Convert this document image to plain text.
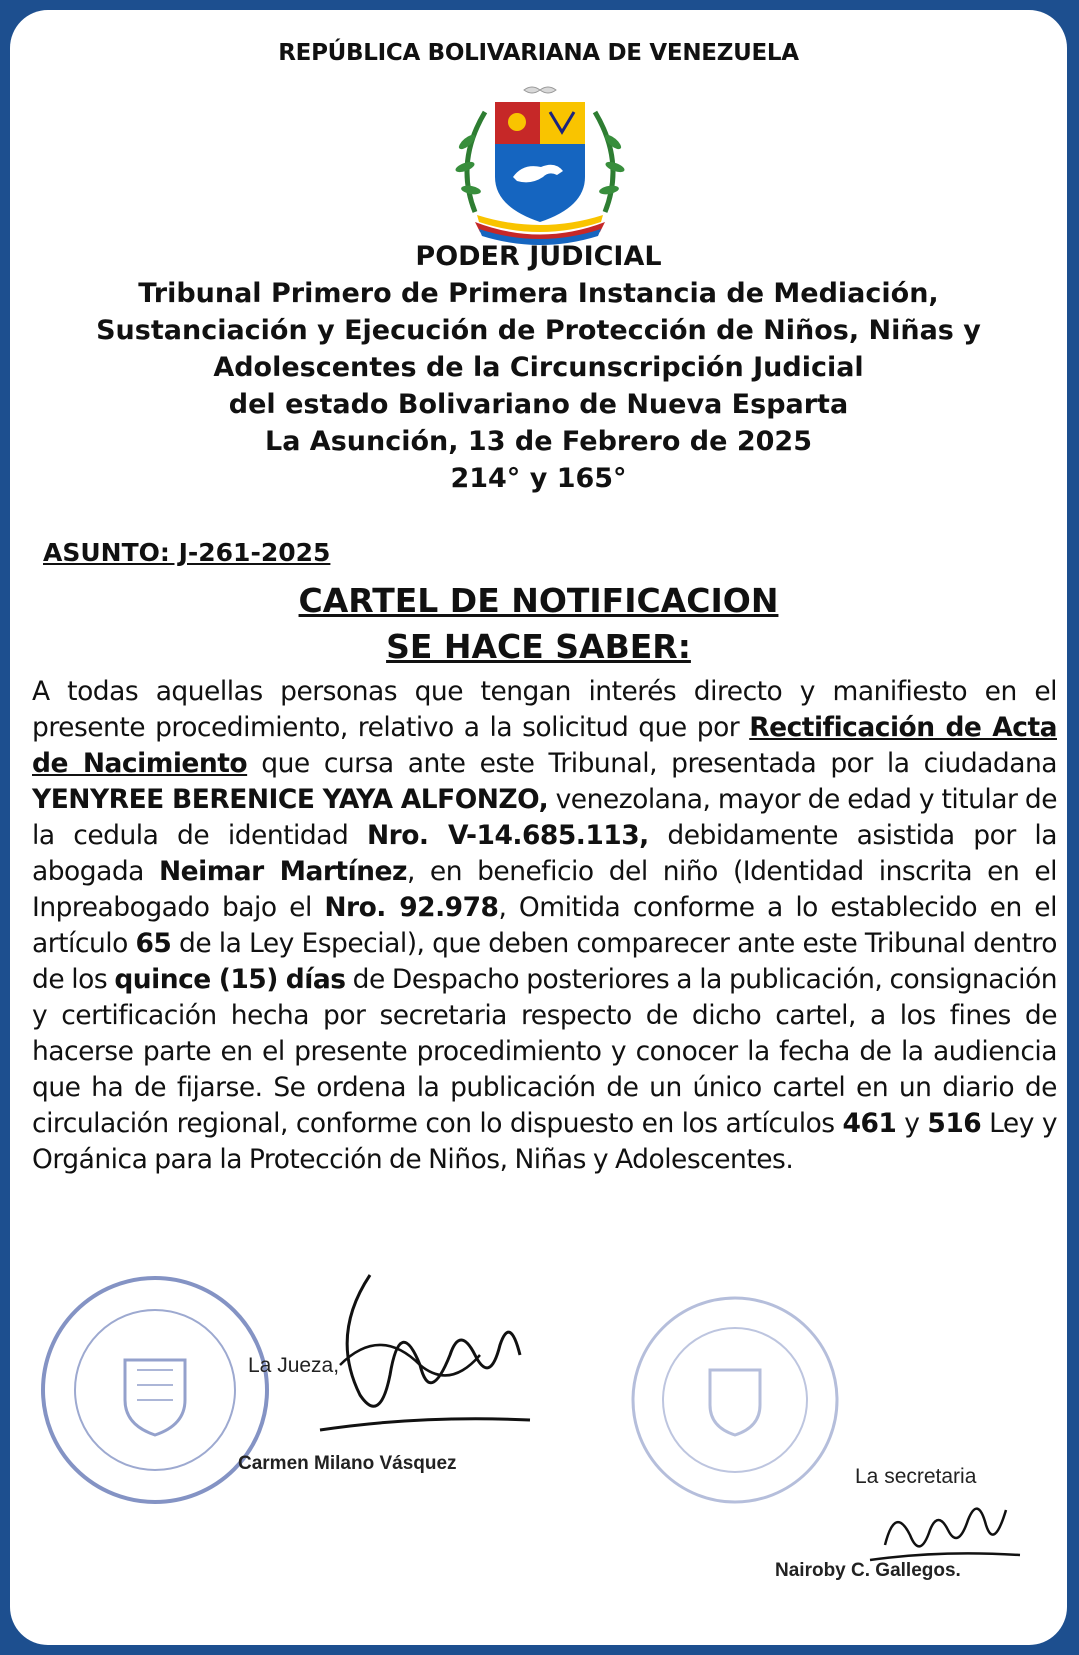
REPÚBLICA BOLIVARIANA DE VENEZUELA
PODER JUDICIAL
Tribunal Primero de Primera Instancia de Mediación,
Sustanciación y Ejecución de Protección de Niños, Niñas y
Adolescentes de la Circunscripción Judicial
del estado Bolivariano de Nueva Esparta
La Asunción, 13 de Febrero de 2025
214° y 165°
ASUNTO: J-261-2025
CARTEL DE NOTIFICACION
SE HACE SABER:
A todas aquellas personas que tengan interés directo y manifiesto en el presente procedimiento, relativo a la solicitud que por Rectificación de Acta de Nacimiento que cursa ante este Tribunal, presentada por la ciudadana YENYREE BERENICE YAYA ALFONZO, venezolana, mayor de edad y titular de la cedula de identidad Nro. V-14.685.113, debidamente asistida por la abogada Neimar Martínez, en beneficio del niño (Identidad inscrita en el Inpreabogado bajo el Nro. 92.978, Omitida conforme a lo establecido en el artículo 65 de la Ley Especial), que deben comparecer ante este Tribunal dentro de los quince (15) días de Despacho posteriores a la publicación, consignación y certificación hecha por secretaria respecto de dicho cartel, a los fines de hacerse parte en el presente procedimiento y conocer la fecha de la audiencia que ha de fijarse. Se ordena la publicación de un único cartel en un diario de circulación regional, conforme con lo dispuesto en los artículos 461 y 516 Ley y Orgánica para la Protección de Niños, Niñas y Adolescentes.
La Jueza,
Carmen Milano Vásquez
La secretaria
Nairoby C. Gallegos.
